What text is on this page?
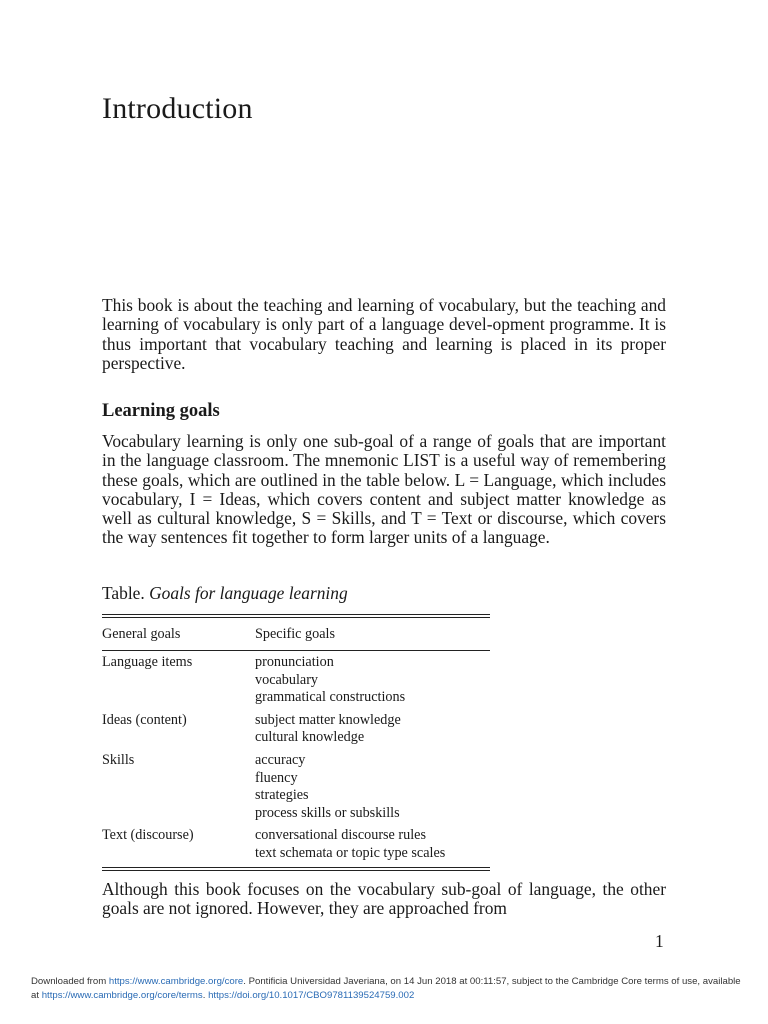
Introduction

This book is about the teaching and learning of vocabulary, but the teaching and learning of vocabulary is only part of a language devel-opment programme. It is thus important that vocabulary teaching and learning is placed in its proper perspective.

Learning goals

Vocabulary learning is only one sub-goal of a range of goals that are important in the language classroom. The mnemonic LIST is a useful way of remembering these goals, which are outlined in the table below. L = Language, which includes vocabulary, I = Ideas, which covers content and subject matter knowledge as well as cultural knowledge, S = Skills, and T = Text or discourse, which covers the way sentences fit together to form larger units of a language.

Table. Goals for language learning

General goals	Specific goals
Language items	pronunciation
vocabulary
grammatical constructions
Ideas (content)	subject matter knowledge
cultural knowledge
Skills	accuracy
fluency
strategies
process skills or subskills
Text (discourse)	conversational discourse rules
text schemata or topic type scales

Although this book focuses on the vocabulary sub-goal of language, the other goals are not ignored. However, they are approached from

1

Downloaded from https://www.cambridge.org/core. Pontificia Universidad Javeriana, on 14 Jun 2018 at 00:11:57, subject to the Cambridge Core terms of use, available at https://www.cambridge.org/core/terms. https://doi.org/10.1017/CBO9781139524759.002
